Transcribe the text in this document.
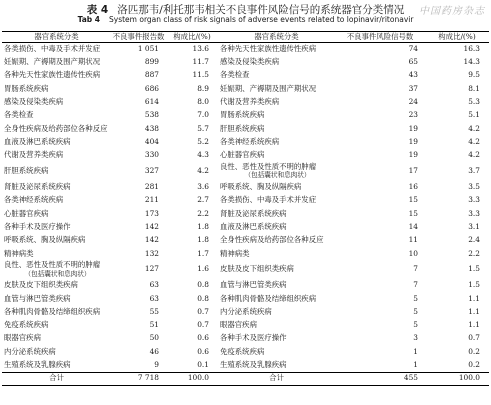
表 4 洛匹那韦/利托那韦相关不良事件风险信号的系统器官分类情况
Tab 4 System organ class of risk signals of adverse events related to lopinavir/ritonavir
中国药房杂志
器官系统分类	不良事件报告数	构成比/(%)	器官系统分类	不良事件风险信号数	构成比/(%)
各类损伤、中毒及手术并发症	1 051	13.6	各种先天性家族性遗传性疾病	74	16.3
妊娠期、产褥期及围产期状况	899	11.7	感染及侵染类疾病	65	14.3
各种先天性家族性遗传性疾病	887	11.5	各类检查	43	9.5
胃肠系统疾病	686	8.9	妊娠期、产褥期及围产期状况	37	8.1
感染及侵染类疾病	614	8.0	代谢及营养类疾病	24	5.3
各类检查	538	7.0	胃肠系统疾病	23	5.1
全身性疾病及给药部位各种反应	438	5.7	肝胆系统疾病	19	4.2
血液及淋巴系统疾病	404	5.2	各类神经系统疾病	19	4.2
代谢及营养类疾病	330	4.3	心脏器官疾病	19	4.2
肝胆系统疾病	327	4.2	良性、恶性及性质不明的肿瘤
（包括囊状和息肉状）	17	3.7
肾脏及泌尿系统疾病	281	3.6	呼吸系统、胸及纵隔疾病	16	3.5
各类神经系统疾病	211	2.7	各类损伤、中毒及手术并发症	15	3.3
心脏器官疾病	173	2.2	肾脏及泌尿系统疾病	15	3.3
各种手术及医疗操作	142	1.8	血液及淋巴系统疾病	14	3.1
呼吸系统、胸及纵隔疾病	142	1.8	全身性疾病及给药部位各种反应	11	2.4
精神病类	132	1.7	精神病类	10	2.2

良性、恶性及性质不明的肿瘤
（包括囊状和息肉状）	127	1.6	皮肤及皮下组织类疾病	7	1.5
皮肤及皮下组织类疾病	63	0.8	血管与淋巴管类疾病	7	1.5
血管与淋巴管类疾病	63	0.8	各种肌肉骨骼及结缔组织疾病	5	1.1
各种肌肉骨骼及结缔组织疾病	55	0.7	内分泌系统疾病	5	1.1
免疫系统疾病	51	0.7	眼器官疾病	5	1.1
眼器官疾病	50	0.6	各种手术及医疗操作	3	0.7
内分泌系统疾病	46	0.6	免疫系统疾病	1	0.2
生殖系统及乳腺疾病	9	0.1	生殖系统及乳腺疾病	1	0.2
合计	7 718	100.0	合计	455	100.0
